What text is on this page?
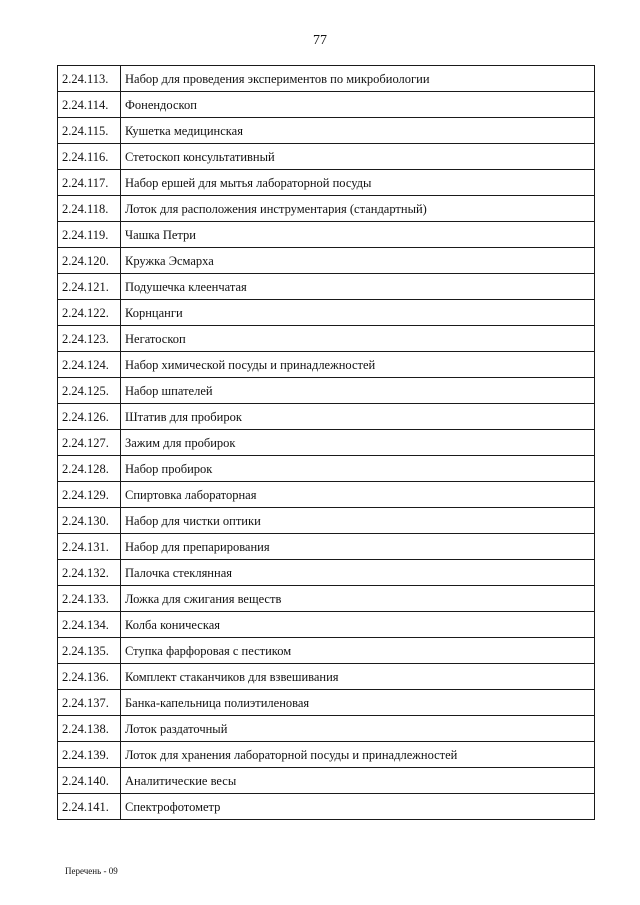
77
2.24.113.	Набор для проведения экспериментов по микробиологии
2.24.114.	Фонендоскоп
2.24.115.	Кушетка медицинская
2.24.116.	Стетоскоп консультативный
2.24.117.	Набор ершей для мытья лабораторной посуды
2.24.118.	Лоток для расположения инструментария (стандартный)
2.24.119.	Чашка Петри
2.24.120.	Кружка Эсмарха
2.24.121.	Подушечка клеенчатая
2.24.122.	Корнцанги
2.24.123.	Негатоскоп
2.24.124.	Набор химической посуды и принадлежностей
2.24.125.	Набор шпателей
2.24.126.	Штатив для пробирок
2.24.127.	Зажим для пробирок
2.24.128.	Набор пробирок
2.24.129.	Спиртовка лабораторная
2.24.130.	Набор для чистки оптики
2.24.131.	Набор для препарирования
2.24.132.	Палочка стеклянная
2.24.133.	Ложка для сжигания веществ
2.24.134.	Колба коническая
2.24.135.	Ступка фарфоровая с пестиком
2.24.136.	Комплект стаканчиков для взвешивания
2.24.137.	Банка-капельница полиэтиленовая
2.24.138.	Лоток раздаточный
2.24.139.	Лоток для хранения лабораторной посуды и принадлежностей
2.24.140.	Аналитические весы
2.24.141.	Спектрофотометр
Перечень - 09
